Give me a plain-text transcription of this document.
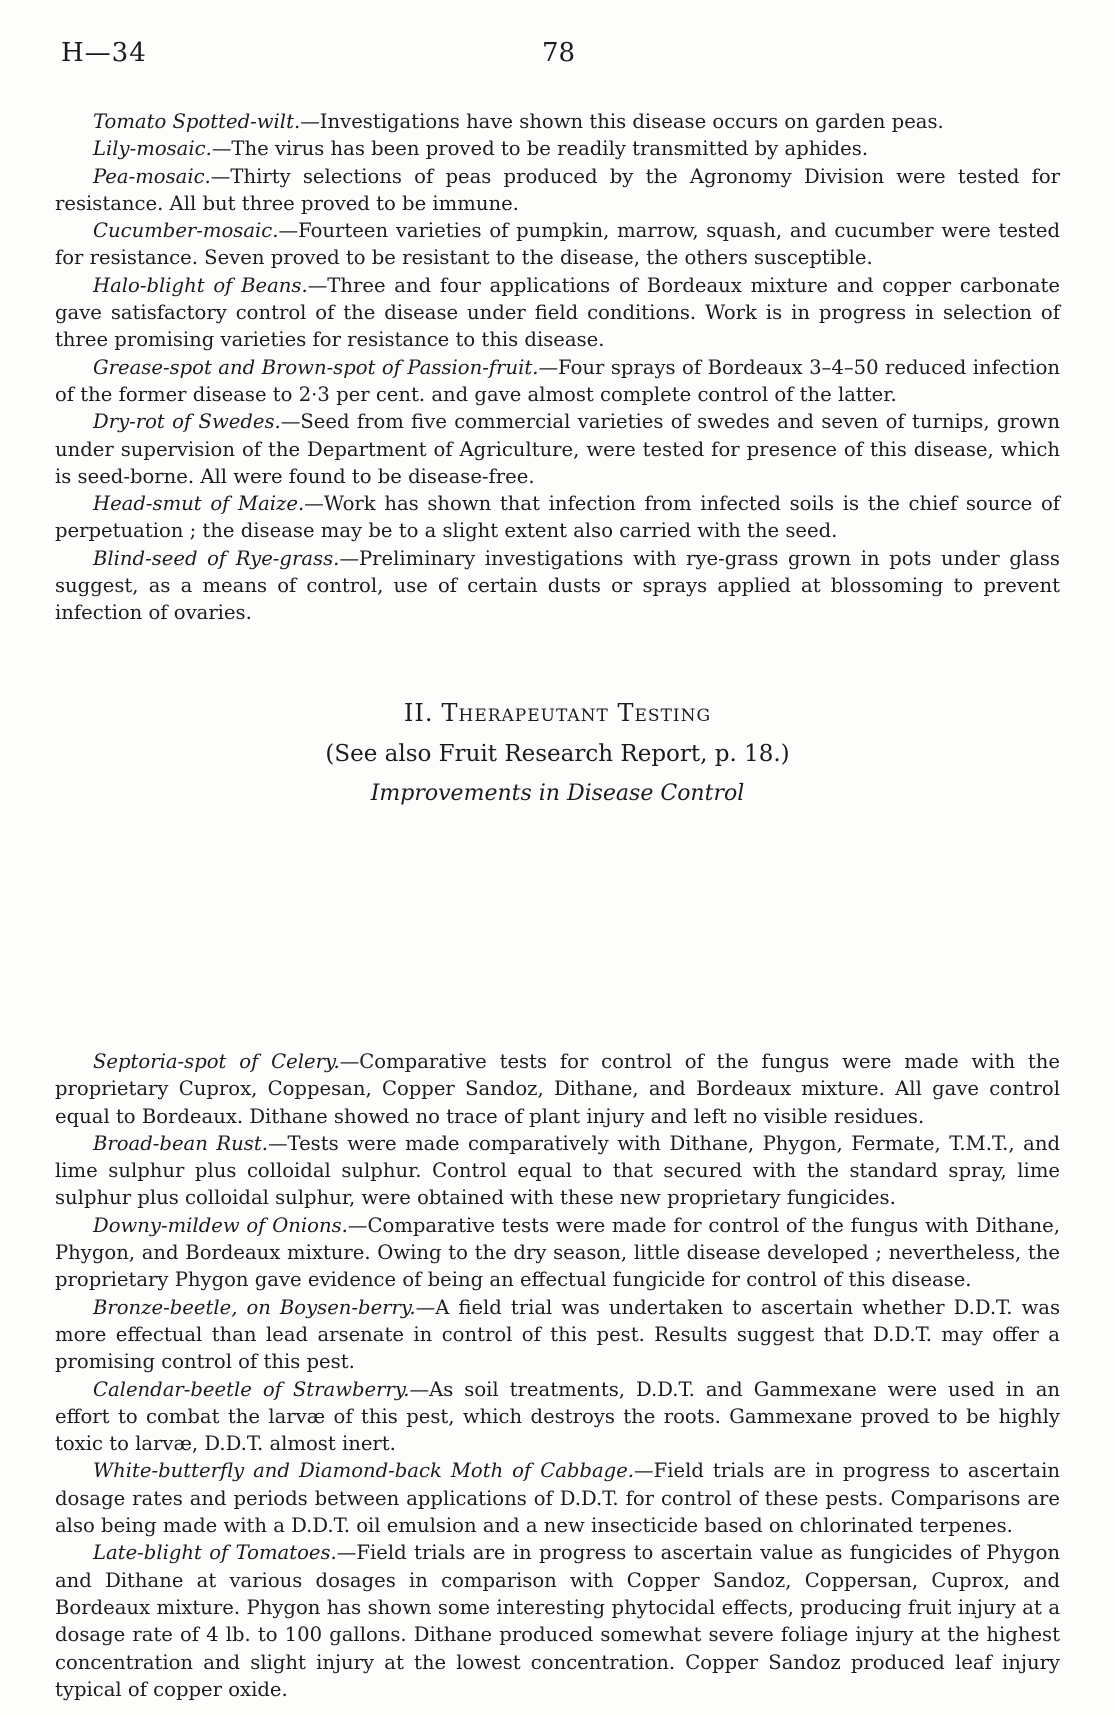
H—34	78

Tomato Spotted-wilt.—Investigations have shown this disease occurs on garden peas.

Lily-mosaic.—The virus has been proved to be readily transmitted by aphides.

Pea-mosaic.—Thirty selections of peas produced by the Agronomy Division were tested for resistance. All but three proved to be immune.

Cucumber-mosaic.—Fourteen varieties of pumpkin, marrow, squash, and cucumber were tested for resistance. Seven proved to be resistant to the disease, the others susceptible.

Halo-blight of Beans.—Three and four applications of Bordeaux mixture and copper carbonate gave satisfactory control of the disease under field conditions. Work is in progress in selection of three promising varieties for resistance to this disease.

Grease-spot and Brown-spot of Passion-fruit.—Four sprays of Bordeaux 3–4–50 reduced infection of the former disease to 2·3 per cent. and gave almost complete control of the latter.

Dry-rot of Swedes.—Seed from five commercial varieties of swedes and seven of turnips, grown under supervision of the Department of Agriculture, were tested for presence of this disease, which is seed-borne. All were found to be disease-free.

Head-smut of Maize.—Work has shown that infection from infected soils is the chief source of perpetuation ; the disease may be to a slight extent also carried with the seed.

Blind-seed of Rye-grass.—Preliminary investigations with rye-grass grown in pots under glass suggest, as a means of control, use of certain dusts or sprays applied at blossoming to prevent infection of ovaries.

II. Therapeutant Testing

(See also Fruit Research Report, p. 18.)

Improvements in Disease Control

Septoria-spot of Celery.—Comparative tests for control of the fungus were made with the proprietary Cuprox, Coppesan, Copper Sandoz, Dithane, and Bordeaux mixture. All gave control equal to Bordeaux. Dithane showed no trace of plant injury and left no visible residues.

Broad-bean Rust.—Tests were made comparatively with Dithane, Phygon, Fermate, T.M.T., and lime sulphur plus colloidal sulphur. Control equal to that secured with the standard spray, lime sulphur plus colloidal sulphur, were obtained with these new proprietary fungicides.

Downy-mildew of Onions.—Comparative tests were made for control of the fungus with Dithane, Phygon, and Bordeaux mixture. Owing to the dry season, little disease developed ; nevertheless, the proprietary Phygon gave evidence of being an effectual fungicide for control of this disease.

Bronze-beetle, on Boysen-berry.—A field trial was undertaken to ascertain whether D.D.T. was more effectual than lead arsenate in control of this pest. Results suggest that D.D.T. may offer a promising control of this pest.

Calendar-beetle of Strawberry.—As soil treatments, D.D.T. and Gammexane were used in an effort to combat the larvæ of this pest, which destroys the roots. Gammexane proved to be highly toxic to larvæ, D.D.T. almost inert.

White-butterfly and Diamond-back Moth of Cabbage.—Field trials are in progress to ascertain dosage rates and periods between applications of D.D.T. for control of these pests. Comparisons are also being made with a D.D.T. oil emulsion and a new insecticide based on chlorinated terpenes.

Late-blight of Tomatoes.—Field trials are in progress to ascertain value as fungicides of Phygon and Dithane at various dosages in comparison with Copper Sandoz, Coppersan, Cuprox, and Bordeaux mixture. Phygon has shown some interesting phytocidal effects, producing fruit injury at a dosage rate of 4 lb. to 100 gallons. Dithane produced somewhat severe foliage injury at the highest concentration and slight injury at the lowest concentration. Copper Sandoz produced leaf injury typical of copper oxide.
